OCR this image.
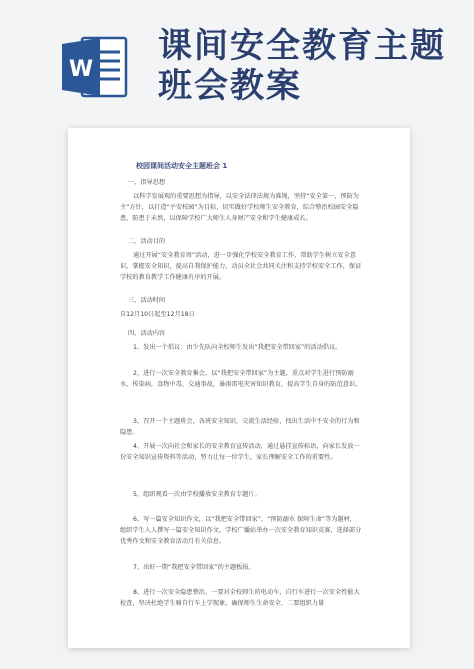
W
课间安全教育主题
班会教案
校园课间活动安全主题班会 1
一、指导思想

以科学发展观的重要思想为指导，以安全法律法规为准绳，坚持“安全第一，预防为主”方针，以打造“平安校园”为目标，切实做好学校师生安全教育，综合整治校园安全隐患，防患于未然，以保障学校广大师生人身财产安全和学生健康成长。

二、活动目的

通过开展“安全教育周”活动，进一步强化学校安全教育工作，帮助学生树立安全意识，掌握安全知识，提高自我保护能力，动员全社会共同关注和支持学校安全工作，保证学校的教育教学工作健康有序的开展。

三、活动时间

自12月10日起至12月18日

四、活动内容

1、发出一个倡议：由少先队向全校师生发出“我把安全带回家”的活动倡议。

2、进行一次安全教育集会，以“我把安全带回家”为主题，重点对学生进行预防溺水，传染病，食物中毒，交通事故，暴雨雷电灾害知识教育，提高学生自身的防范意识。

3、召开一个主题班会，各班安全知识，交流生活经验，找出生活中不安全的行为和隐患。

4、开展一次向社会和家长的安全教育宣传活动，通过悬挂宣传标语，向家长发放一份安全知识宣传资料等活动，努力让每一位学生，家长理解安全工作的重要性。

5，组织观看一次由学校播放安全教育专题片。

6、写一篇安全知识作文，以“我把安全带回家”，“预防溺水 保障生命”等为题材，组织学生人人撰写一篇安全知识作文，学校广播站举办一次安全教育知识竞赛，选择部分优秀作文和安全教育活动月有关信息。

7、出好一期“我把安全带回家”的主题板报。

8、进行一次安全隐患整治，一要对全校师生的电动车，自行车进行一次安全性能大检查，坚决杜绝学生骑自行车上学现象，确保师生生命安全，二要组织力量
